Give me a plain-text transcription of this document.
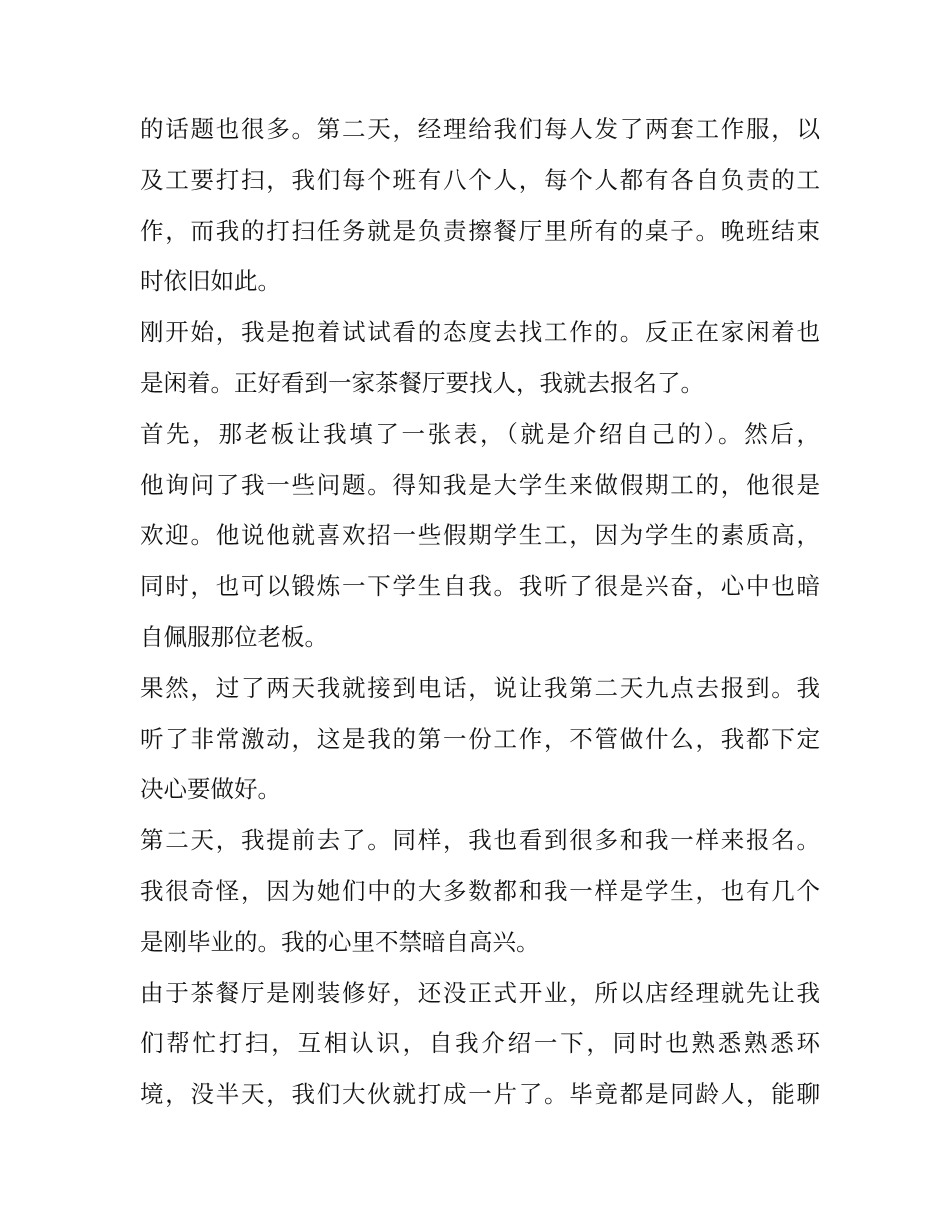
的话题也很多。第二天，经理给我们每人发了两套工作服，以
及工要打扫，我们每个班有八个人，每个人都有各自负责的工
作，而我的打扫任务就是负责擦餐厅里所有的桌子。晚班结束
时依旧如此。
刚开始，我是抱着试试看的态度去找工作的。反正在家闲着也
是闲着。正好看到一家茶餐厅要找人，我就去报名了。
首先，那老板让我填了一张表，（就是介绍自己的）。然后，
他询问了我一些问题。得知我是大学生来做假期工的，他很是
欢迎。他说他就喜欢招一些假期学生工，因为学生的素质高，
同时，也可以锻炼一下学生自我。我听了很是兴奋，心中也暗
自佩服那位老板。
果然，过了两天我就接到电话，说让我第二天九点去报到。我
听了非常激动，这是我的第一份工作，不管做什么，我都下定
决心要做好。
第二天，我提前去了。同样，我也看到很多和我一样来报名。
我很奇怪，因为她们中的大多数都和我一样是学生，也有几个
是刚毕业的。我的心里不禁暗自高兴。
由于茶餐厅是刚装修好，还没正式开业，所以店经理就先让我
们帮忙打扫，互相认识，自我介绍一下，同时也熟悉熟悉环
境，没半天，我们大伙就打成一片了。毕竟都是同龄人，能聊
